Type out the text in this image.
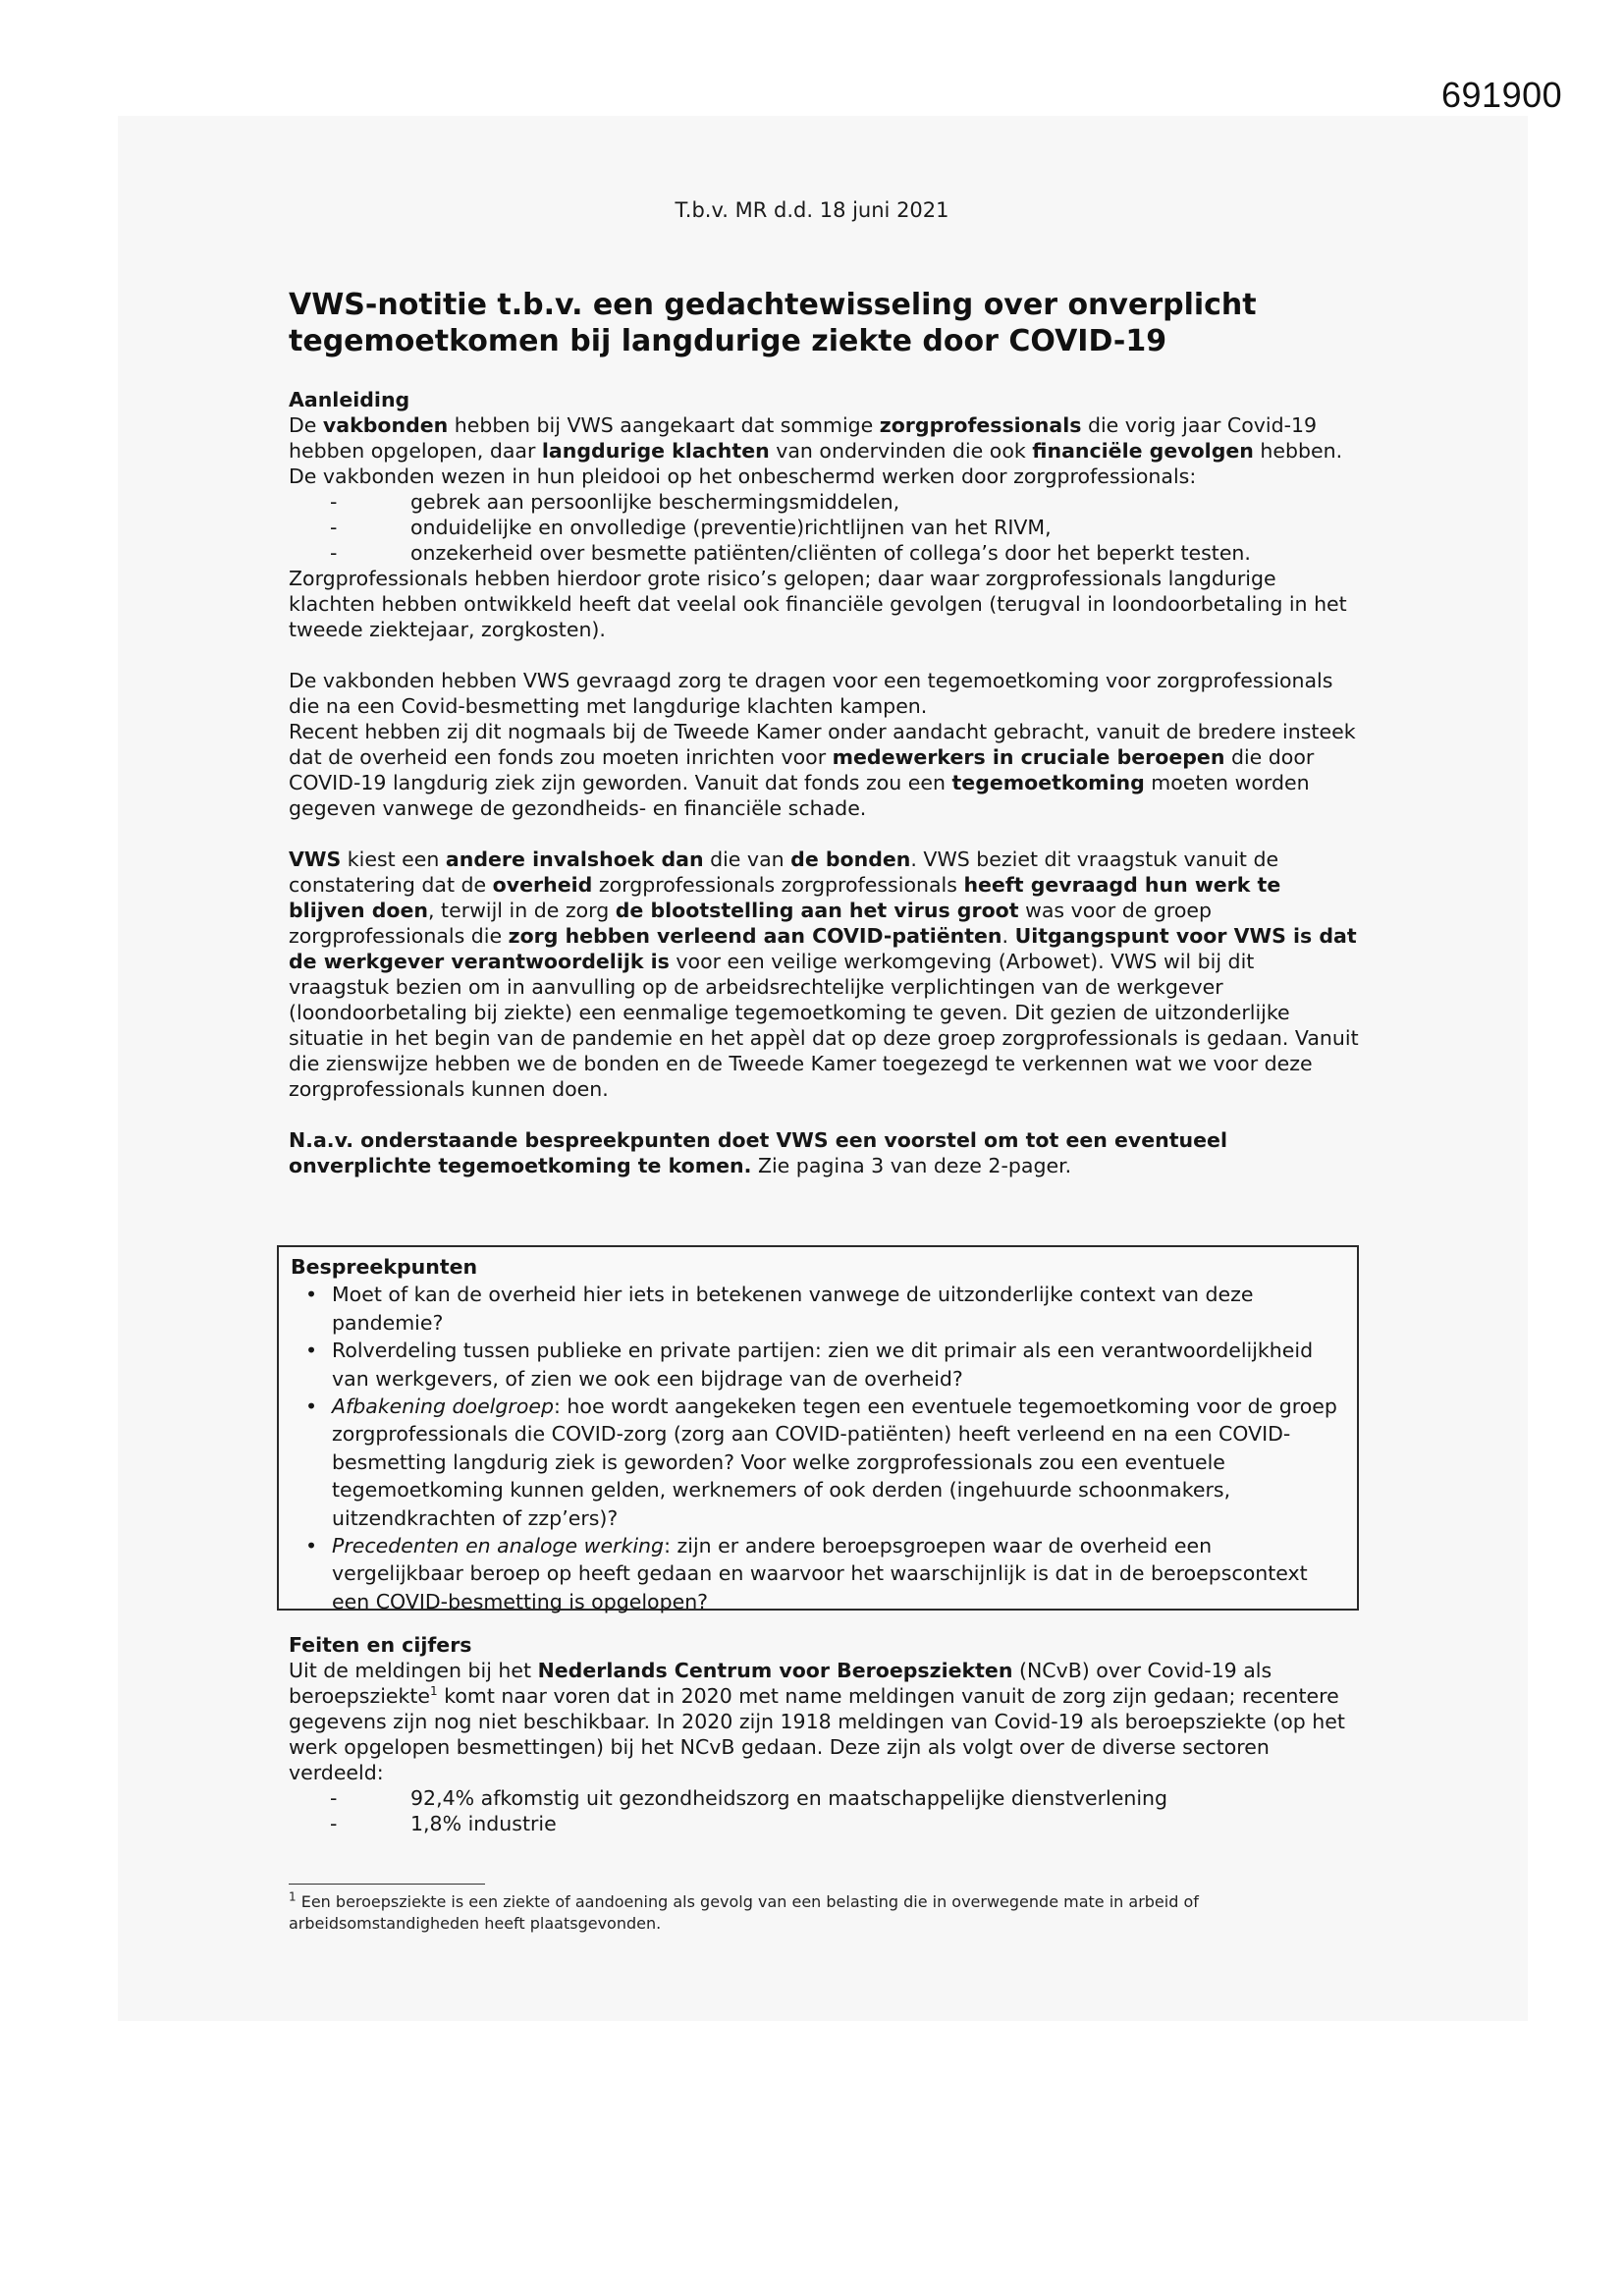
691900
T.b.v. MR d.d. 18 juni 2021
VWS-notitie t.b.v. een gedachtewisseling over onverplicht
tegemoetkomen bij langdurige ziekte door COVID-19
Aanleiding

De vakbonden hebben bij VWS aangekaart dat sommige zorgprofessionals die vorig jaar Covid-19 hebben opgelopen, daar langdurige klachten van ondervinden die ook financiële gevolgen hebben. De vakbonden wezen in hun pleidooi op het onbeschermd werken door zorgprofessionals:

-	gebrek aan persoonlijke beschermingsmiddelen,
-	onduidelijke en onvolledige (preventie)richtlijnen van het RIVM,
-	onzekerheid over besmette patiënten/cliënten of collega’s door het beperkt testen.

Zorgprofessionals hebben hierdoor grote risico’s gelopen; daar waar zorgprofessionals langdurige klachten hebben ontwikkeld heeft dat veelal ook financiële gevolgen (terugval in loondoorbetaling in het tweede ziektejaar, zorgkosten).

De vakbonden hebben VWS gevraagd zorg te dragen voor een tegemoetkoming voor zorgprofessionals die na een Covid-besmetting met langdurige klachten kampen.
Recent hebben zij dit nogmaals bij de Tweede Kamer onder aandacht gebracht, vanuit de bredere insteek dat de overheid een fonds zou moeten inrichten voor medewerkers in cruciale beroepen die door COVID-19 langdurig ziek zijn geworden. Vanuit dat fonds zou een tegemoetkoming moeten worden gegeven vanwege de gezondheids- en financiële schade.

VWS kiest een andere invalshoek dan die van de bonden. VWS beziet dit vraagstuk vanuit de constatering dat de overheid zorgprofessionals zorgprofessionals heeft gevraagd hun werk te blijven doen, terwijl in de zorg de blootstelling aan het virus groot was voor de groep zorgprofessionals die zorg hebben verleend aan COVID-patiënten. Uitgangspunt voor VWS is dat de werkgever verantwoordelijk is voor een veilige werkomgeving (Arbowet). VWS wil bij dit vraagstuk bezien om in aanvulling op de arbeidsrechtelijke verplichtingen van de werkgever (loondoorbetaling bij ziekte) een eenmalige tegemoetkoming te geven. Dit gezien de uitzonderlijke situatie in het begin van de pandemie en het appèl dat op deze groep zorgprofessionals is gedaan. Vanuit die zienswijze hebben we de bonden en de Tweede Kamer toegezegd te verkennen wat we voor deze zorgprofessionals kunnen doen.

N.a.v. onderstaande bespreekpunten doet VWS een voorstel om tot een eventueel onverplichte tegemoetkoming te komen. Zie pagina 3 van deze 2-pager.

Bespreekpunten
• Moet of kan de overheid hier iets in betekenen vanwege de uitzonderlijke context van deze pandemie?
• Rolverdeling tussen publieke en private partijen: zien we dit primair als een verantwoordelijkheid van werkgevers, of zien we ook een bijdrage van de overheid?
• Afbakening doelgroep: hoe wordt aangekeken tegen een eventuele tegemoetkoming voor de groep zorgprofessionals die COVID-zorg (zorg aan COVID-patiënten) heeft verleend en na een COVID-besmetting langdurig ziek is geworden? Voor welke zorgprofessionals zou een eventuele tegemoetkoming kunnen gelden, werknemers of ook derden (ingehuurde schoonmakers, uitzendkrachten of zzp’ers)?
• Precedenten en analoge werking: zijn er andere beroepsgroepen waar de overheid een vergelijkbaar beroep op heeft gedaan en waarvoor het waarschijnlijk is dat in de beroepscontext een COVID-besmetting is opgelopen?
Feiten en cijfers

Uit de meldingen bij het Nederlands Centrum voor Beroepsziekten (NCvB) over Covid-19 als beroepsziekte$^1$ komt naar voren dat in 2020 met name meldingen vanuit de zorg zijn gedaan; recentere gegevens zijn nog niet beschikbaar. In 2020 zijn 1918 meldingen van Covid-19 als beroepsziekte (op het werk opgelopen besmettingen) bij het NCvB gedaan. Deze zijn als volgt over de diverse sectoren verdeeld:

-	92,4% afkomstig uit gezondheidszorg en maatschappelijke dienstverlening
-	1,8% industrie
$^1$ Een beroepsziekte is een ziekte of aandoening als gevolg van een belasting die in overwegende mate in arbeid of arbeidsomstandigheden heeft plaatsgevonden.
